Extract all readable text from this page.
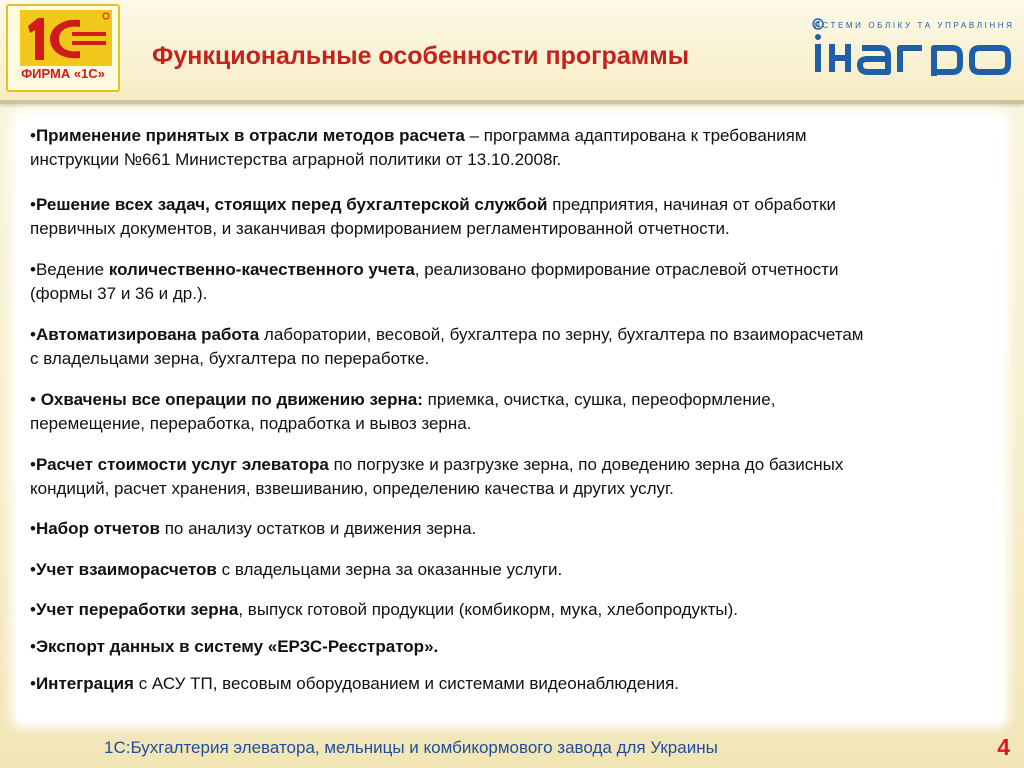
ФИРМА «1С»
Функциональные особенности программы
ИСТЕМИ ОБЛІКУ ТА УПРАВЛІННЯ
•Применение принятых в отрасли методов расчета – программа адаптирована к требованиям
инструкции №661 Министерства аграрной политики от 13.10.2008г.
•Решение всех задач, стоящих перед бухгалтерской службой предприятия, начиная от обработки
первичных документов, и заканчивая формированием регламентированной отчетности.
•Ведение количественно-качественного учета, реализовано формирование отраслевой отчетности
(формы 37 и 36 и др.).
•Автоматизирована работа лаборатории, весовой, бухгалтера по зерну, бухгалтера по взаиморасчетам
с владельцами зерна, бухгалтера по переработке.
• Охвачены все операции по движению зерна: приемка, очистка, сушка, переоформление,
перемещение, переработка, подработка и вывоз зерна.
•Расчет стоимости услуг элеватора по погрузке и разгрузке зерна, по доведению зерна до базисных
кондиций, расчет хранения, взвешиванию, определению качества и других услуг.
•Набор отчетов по анализу остатков и движения зерна.
•Учет взаиморасчетов с владельцами зерна за оказанные услуги.
•Учет переработки зерна, выпуск готовой продукции (комбикорм, мука, хлебопродукты).
•Экспорт данных в систему «ЕРЗС-Реєстратор».
•Интеграция с АСУ ТП, весовым оборудованием и системами видеонаблюдения.
1С:Бухгалтерия элеватора, мельницы и комбикормового завода для Украины	4
